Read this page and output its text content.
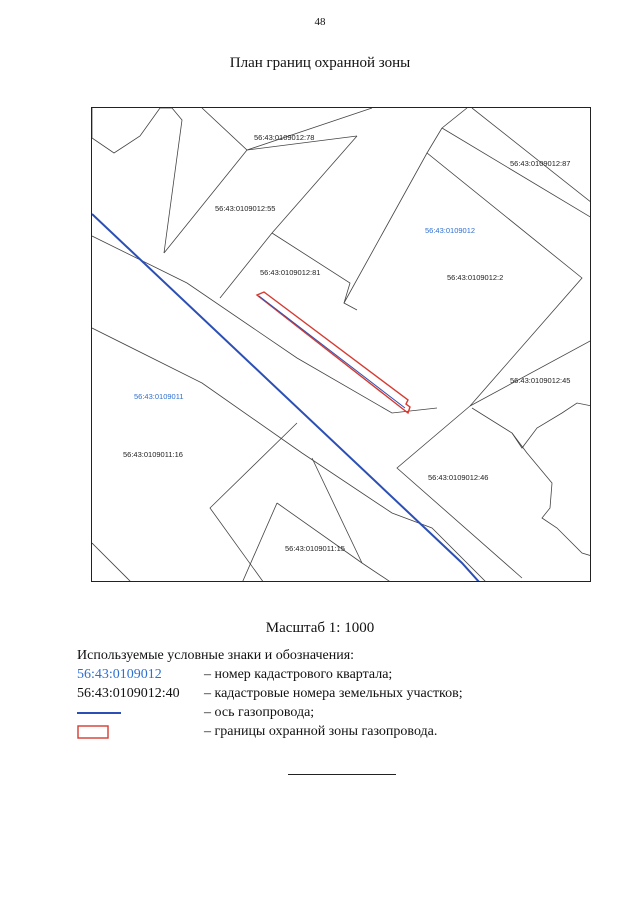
48
План границ охранной зоны
56:43:0109012:78
56:43:0109012:87
56:43:0109012:55
56:43:0109012:81
56:43:0109012:2
56:43:0109012:45
56:43:0109011:16
56:43:0109012:46
56:43:0109011:15
56:43:0109012
56:43:0109011
Масштаб 1: 1000
Используемые условные знаки и обозначения:
56:43:0109012	– номер кадастрового квартала;
56:43:0109012:40	– кадастровые номера земельных участков;
– ось газопровода;
– границы охранной зоны газопровода.
